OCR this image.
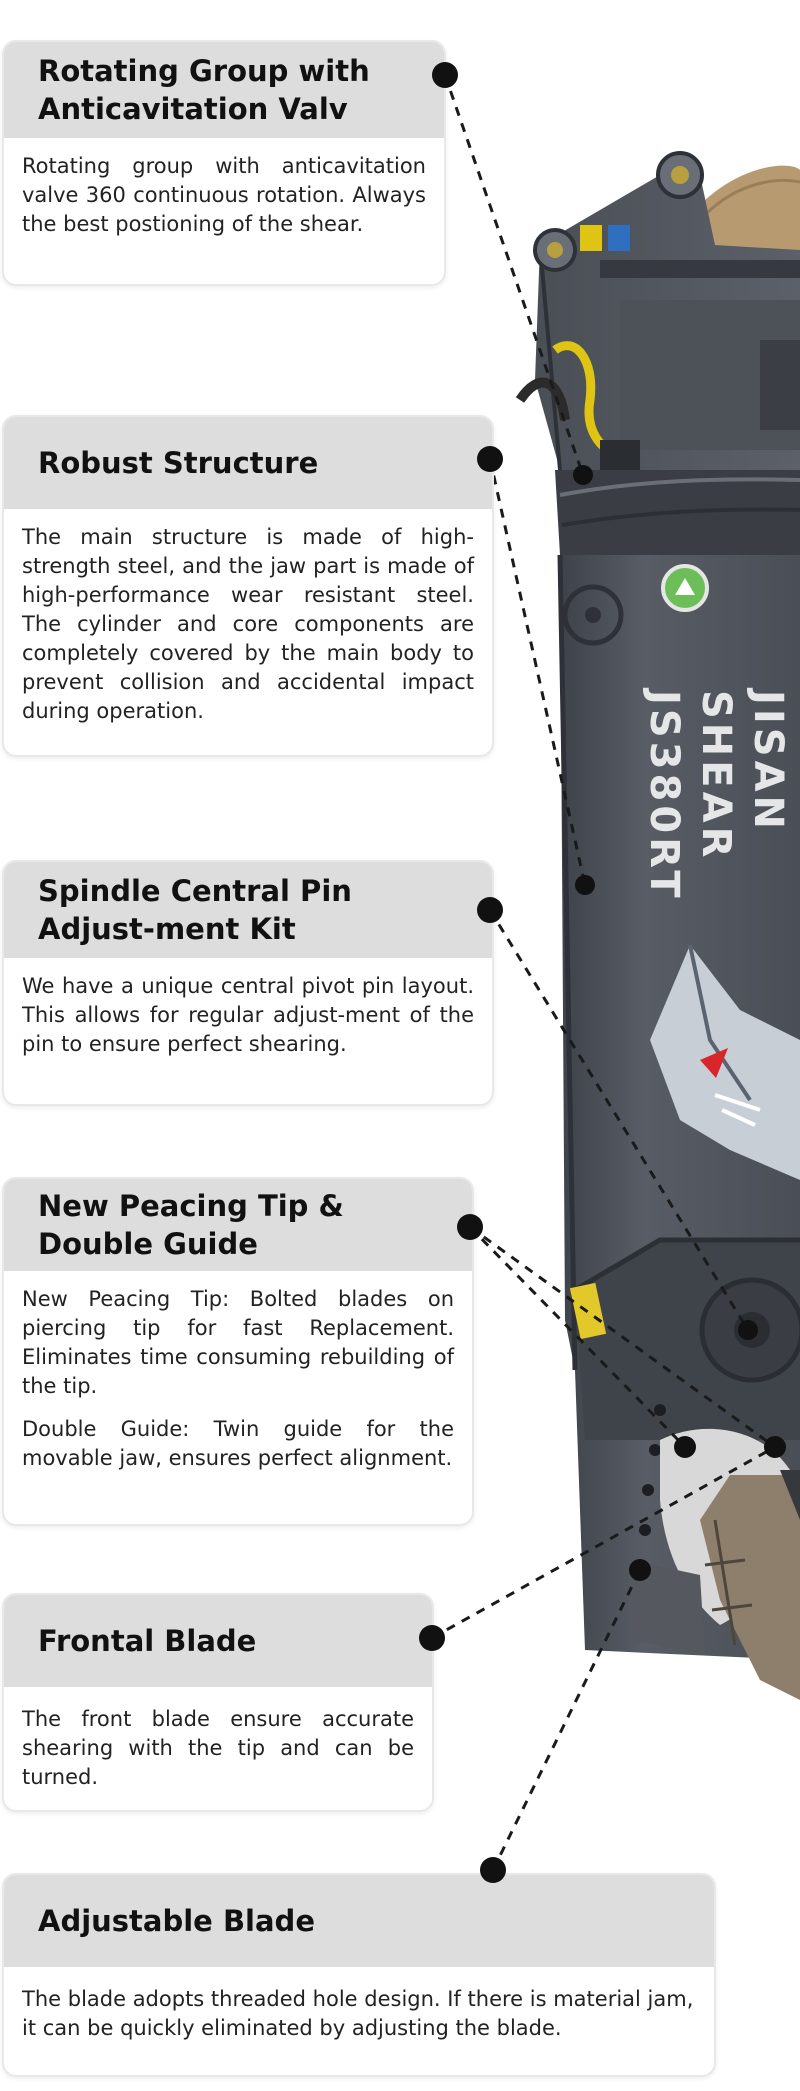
JISAN
SHEAR
JS380RT
Rotating Group with Anticavitation Valv

Rotating group with anticavitation valve 360 continuous rotation. Always the best postioning of the shear.

Robust Structure

The main structure is made of high-strength steel, and the jaw part is made of high-performance wear resistant steel. The cylinder and core components are completely covered by the main body to prevent collision and accidental impact during operation.

Spindle Central Pin Adjust-ment Kit

We have a unique central pivot pin layout. This allows for regular adjust-ment of the pin to ensure perfect shearing.

New Peacing Tip & Double Guide

New Peacing Tip: Bolted blades on piercing tip for fast Replacement. Eliminates time consuming rebuilding of the tip.

Double Guide: Twin guide for the movable jaw, ensures perfect alignment.

Frontal Blade

The front blade ensure accurate shearing with the tip and can be turned.

Adjustable Blade

The blade adopts threaded hole design. If there is material jam, it can be quickly eliminated by adjusting the blade.
